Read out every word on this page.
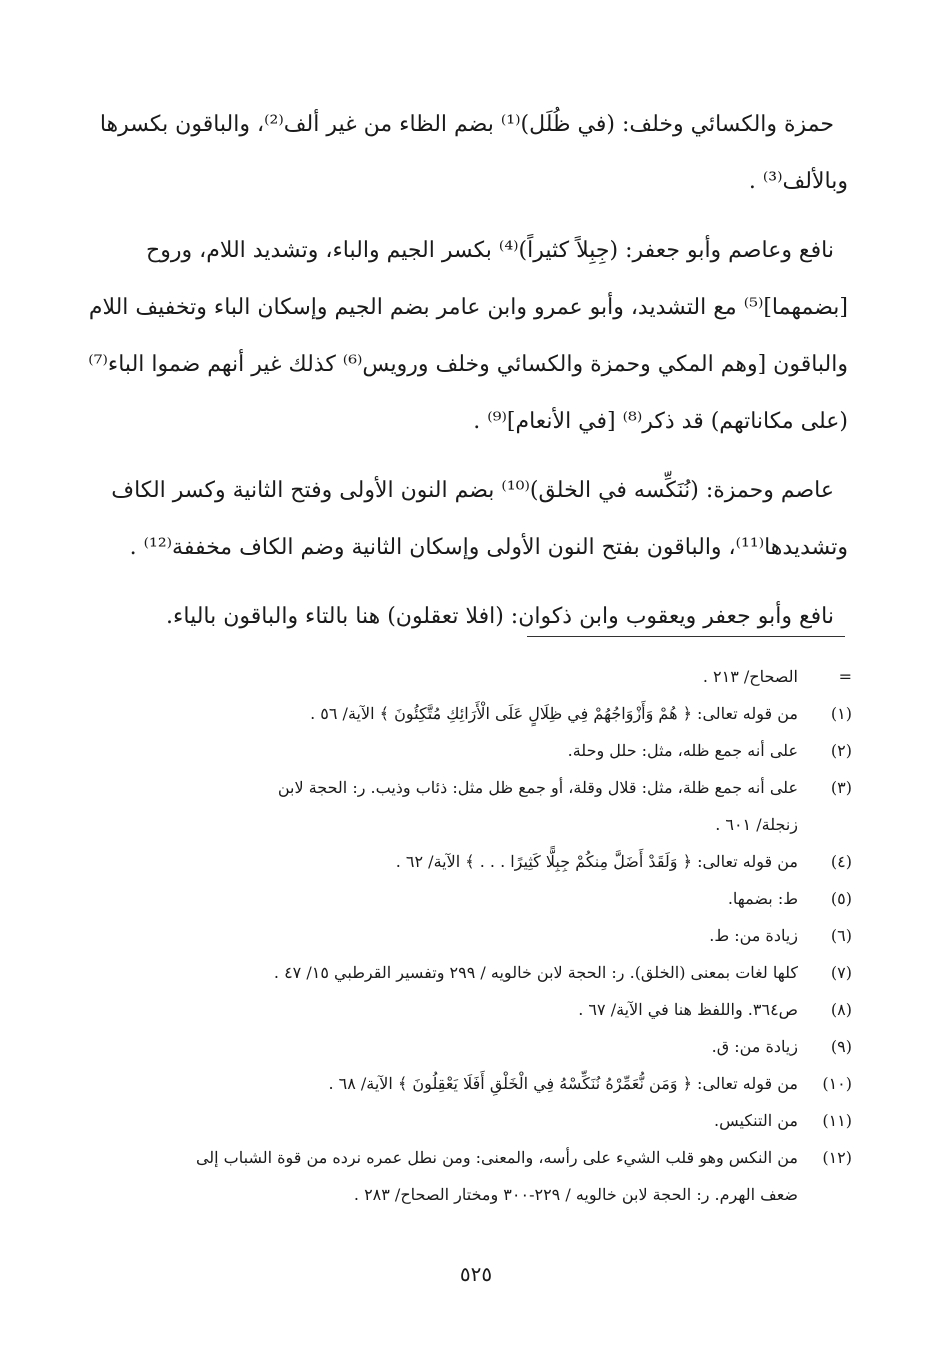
حمزة والكسائي وخلف: (في ظُلَل)⁽¹⁾ بضم الظاء من غير ألف⁽²⁾، والباقون بكسرها
وبالألف⁽³⁾ .

نافع وعاصم وأبو جعفر: (جِبِلاً كثيراً)⁽⁴⁾ بكسر الجيم والباء، وتشديد اللام، وروح
[بضمهما]⁽⁵⁾ مع التشديد، وأبو عمرو وابن عامر بضم الجيم وإسكان الباء وتخفيف اللام
والباقون [وهم المكي وحمزة والكسائي وخلف ورويس⁽⁶⁾ كذلك غير أنهم ضموا الباء⁽⁷⁾
(على مكاناتهم) قد ذكر⁽⁸⁾ [في الأنعام]⁽⁹⁾ .

عاصم وحمزة: (نُنَكِّسه في الخلق)⁽¹⁰⁾ بضم النون الأولى وفتح الثانية وكسر الكاف
وتشديدها⁽¹¹⁾، والباقون بفتح النون الأولى وإسكان الثانية وضم الكاف مخففة⁽¹²⁾ .

نافع وأبو جعفر ويعقوب وابن ذكوان: (افلا تعقلون) هنا بالتاء والباقون بالياء.

=
الصحاح/ ٢١٣ .
(١)
من قوله تعالى: ﴿ هُمْ وَأَزْوَاجُهُمْ فِي ظِلَالٍ عَلَى الْأَرَائِكِ مُتَّكِئُونَ ﴾ الآية/ ٥٦ .
(٢)
على أنه جمع ظله، مثل: حلل وحلة.
(٣)
على أنه جمع ظلة، مثل: قلال وقلة، أو جمع ظل مثل: ذئاب وذيب. ر: الحجة لابن
زنجلة/ ٦٠١ .
(٤)
من قوله تعالى: ﴿ وَلَقَدْ أَضَلَّ مِنكُمْ جِبِلًّا كَثِيرًا . . . ﴾ الآية/ ٦٢ .
(٥)
ط: بضمها.
(٦)
زيادة من: ط.
(٧)
كلها لغات بمعنى (الخلق). ر: الحجة لابن خالويه / ٢٩٩ وتفسير القرطبي ١٥/ ٤٧ .
(٨)
ص٣٦٤. واللفظ هنا في الآية/ ٦٧ .
(٩)
زيادة من: ق.
(١٠)
من قوله تعالى: ﴿ وَمَن نُّعَمِّرْهُ نُنَكِّسْهُ فِي الْخَلْقِ أَفَلَا يَعْقِلُونَ ﴾ الآية/ ٦٨ .
(١١)
من التنكيس.
(١٢)
من النكس وهو قلب الشيء على رأسه، والمعنى: ومن نطل عمره نرده من قوة الشباب إلى
ضعف الهرم. ر: الحجة لابن خالويه / ٢٢٩-٣٠٠ ومختار الصحاح/ ٢٨٣ .
٥٢٥
